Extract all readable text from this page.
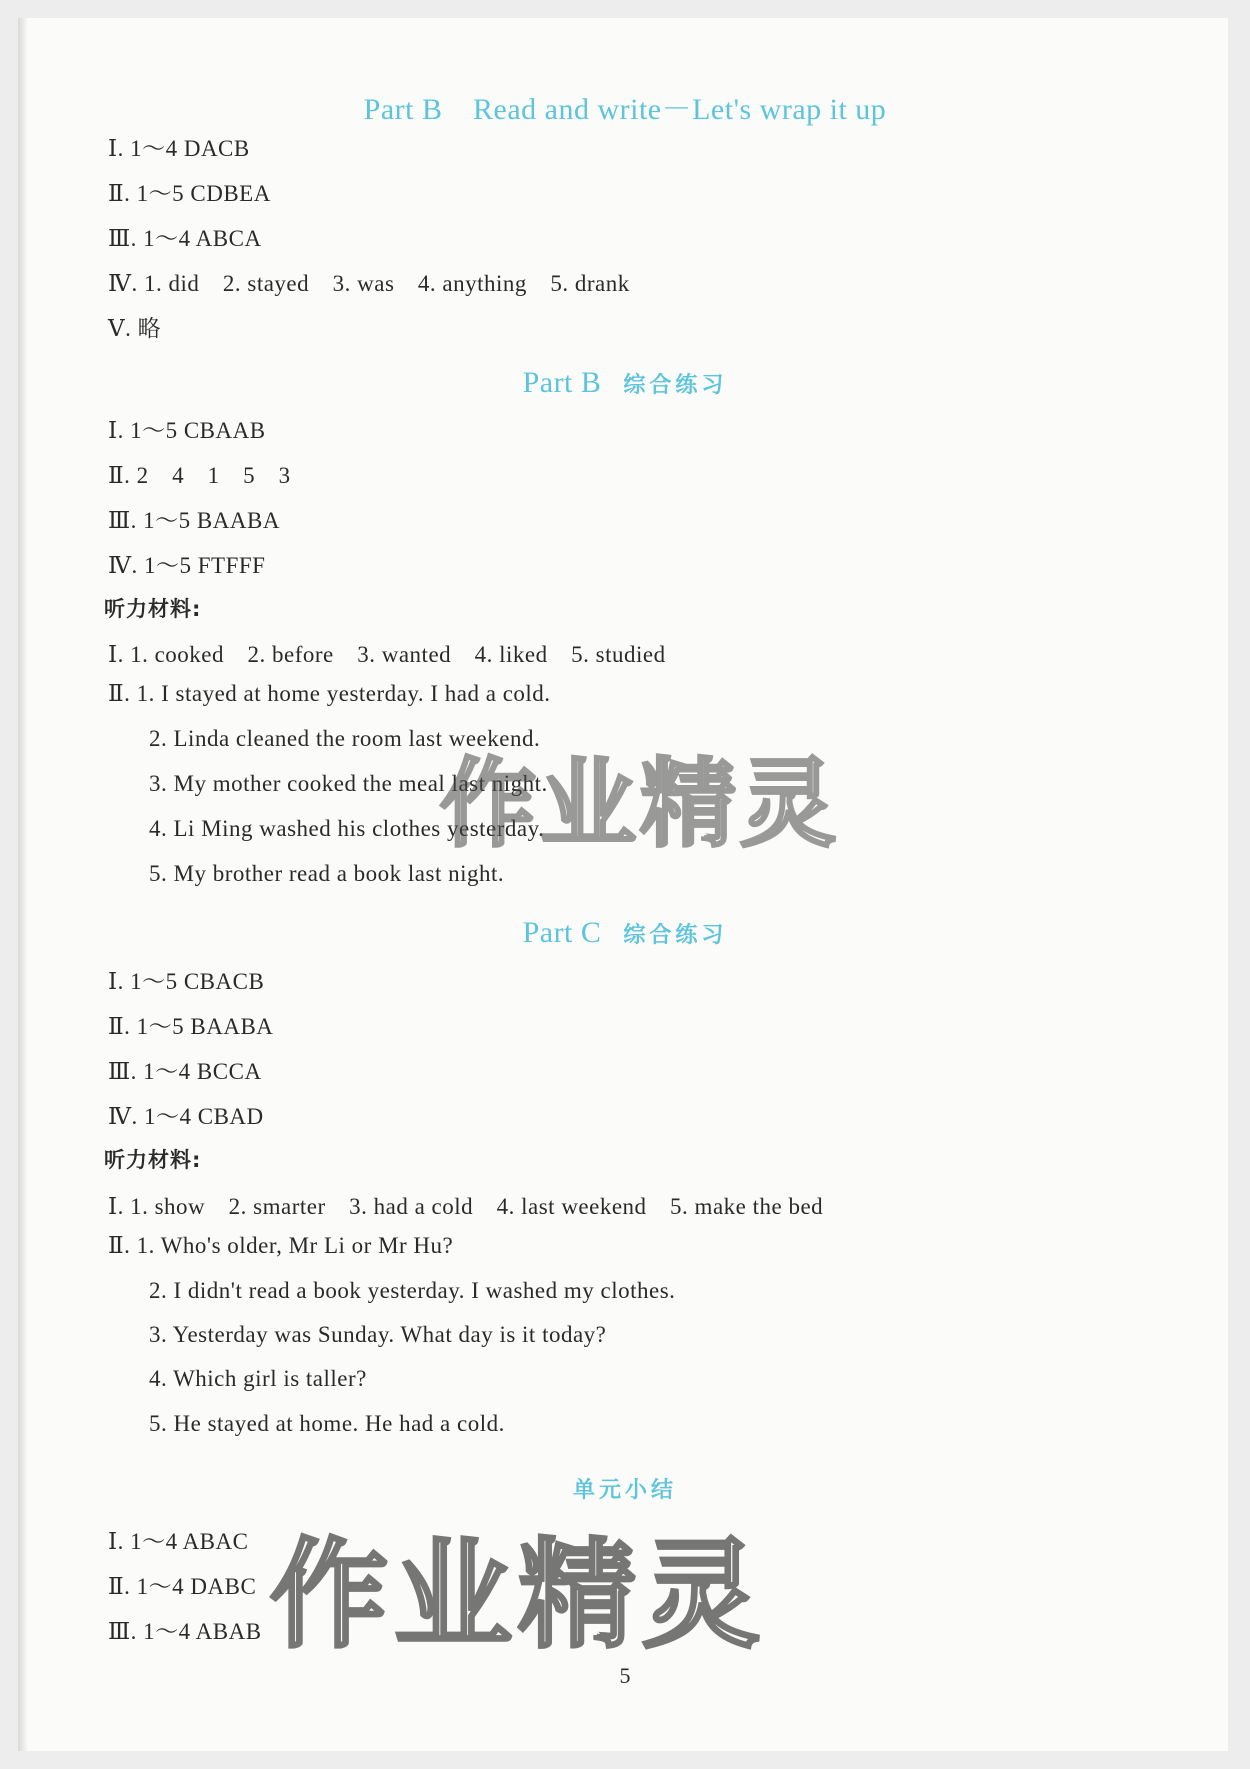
Part B　Read and write－Let's wrap it up
Ⅰ. 1～4 DACB
Ⅱ. 1～5 CDBEA
Ⅲ. 1～4 ABCA
Ⅳ. 1. did　2. stayed　3. was　4. anything　5. drank
Ⅴ. 略
Part B 综合练习
Ⅰ. 1～5 CBAAB
Ⅱ. 2　4　1　5　3
Ⅲ. 1～5 BAABA
Ⅳ. 1～5 FTFFF
听力材料:
Ⅰ. 1. cooked　2. before　3. wanted　4. liked　5. studied
Ⅱ. 1. I stayed at home yesterday. I had a cold.
2. Linda cleaned the room last weekend.
3. My mother cooked the meal last night.
4. Li Ming washed his clothes yesterday.
5. My brother read a book last night.
Part C 综合练习
Ⅰ. 1～5 CBACB
Ⅱ. 1～5 BAABA
Ⅲ. 1～4 BCCA
Ⅳ. 1～4 CBAD
听力材料:
Ⅰ. 1. show　2. smarter　3. had a cold　4. last weekend　5. make the bed
Ⅱ. 1. Who's older, Mr Li or Mr Hu?
2. I didn't read a book yesterday. I washed my clothes.
3. Yesterday was Sunday. What day is it today?
4. Which girl is taller?
5. He stayed at home. He had a cold.
单元小结
Ⅰ. 1～4 ABAC
Ⅱ. 1～4 DABC
Ⅲ. 1～4 ABAB
作业精灵
作业精灵
5
